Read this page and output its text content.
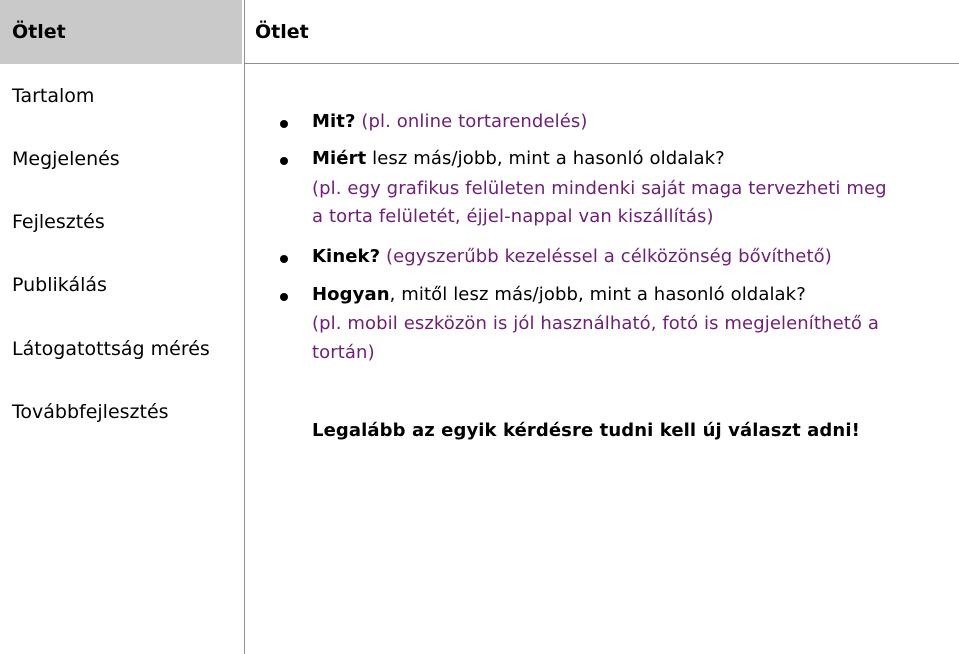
Ötlet
Tartalom
Megjelenés
Fejlesztés
Publikálás
Látogatottság mérés
Továbbfejlesztés
Ötlet
Mit? (pl. online tortarendelés)
Miért lesz más/jobb, mint a hasonló oldalak?
(pl. egy grafikus felületen mindenki saját maga tervezheti meg
a torta felületét, éjjel-nappal van kiszállítás)
Kinek? (egyszerűbb kezeléssel a célközönség bővíthető)
Hogyan, mitől lesz más/jobb, mint a hasonló oldalak?
(pl. mobil eszközön is jól használható, fotó is megjeleníthető a
tortán)
Legalább az egyik kérdésre tudni kell új választ adni!
